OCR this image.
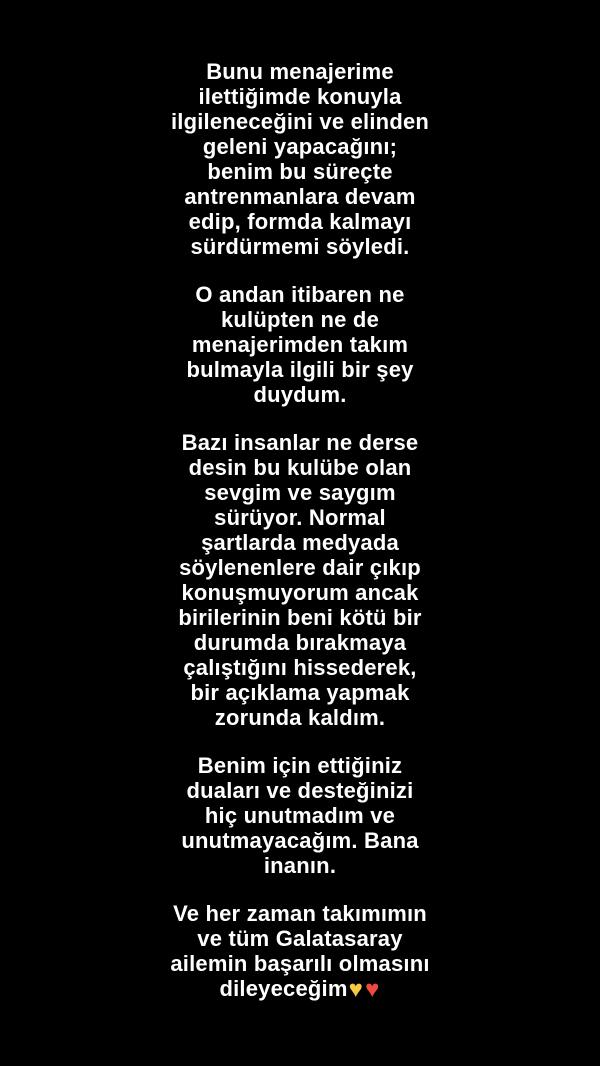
Bunu menajerime
ilettiğimde konuyla
ilgileneceğini ve elinden
geleni yapacağını;
benim bu süreçte
antrenmanlara devam
edip, formda kalmayı
sürdürmemi söyledi.

O andan itibaren ne
kulüpten ne de
menajerimden takım
bulmayla ilgili bir şey
duydum.

Bazı insanlar ne derse
desin bu kulübe olan
sevgim ve saygım
sürüyor. Normal
şartlarda medyada
söylenenlere dair çıkıp
konuşmuyorum ancak
birilerinin beni kötü bir
durumda bırakmaya
çalıştığını hissederek,
bir açıklama yapmak
zorunda kaldım.

Benim için ettiğiniz
duaları ve desteğinizi
hiç unutmadım ve
unutmayacağım. Bana
inanın.

Ve her zaman takımımın
ve tüm Galatasaray
ailemin başarılı olmasını
dileyeceğim♥♥
